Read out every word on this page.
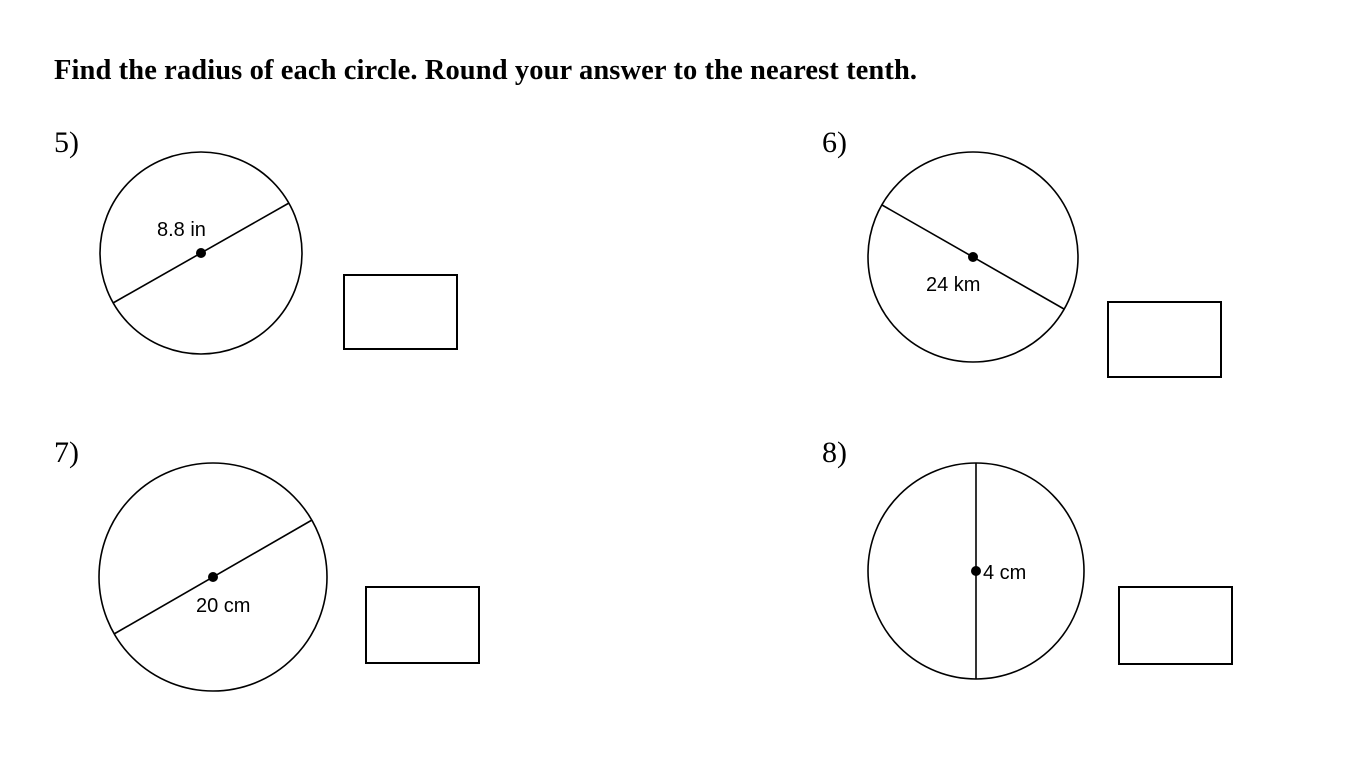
Find the radius of each circle. Round your answer to the nearest tenth.
5)
8.8 in
6)
24 km
7)
20 cm
8)
4 cm
